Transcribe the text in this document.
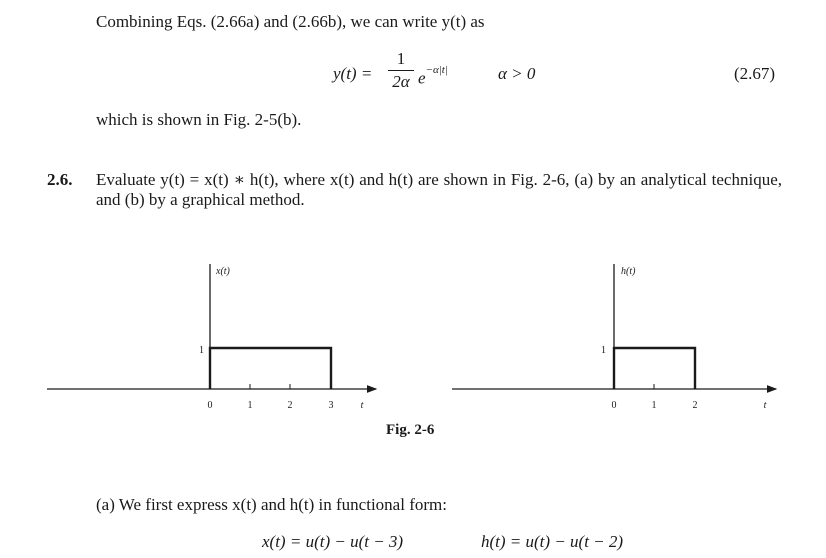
Combining Eqs. (2.66a) and (2.66b), we can write y(t) as
y(t) =
1
2α $e^{-\alpha|t|}$	α > 0	(2.67)
which is shown in Fig. 2-5(b).
2.6. Evaluate y(t) = x(t) ∗ h(t), where x(t) and h(t) are shown in Fig. 2-6, (a) by an analytical technique, and (b) by a graphical method.
x(t)
1
0	1	2	3	t
h(t)
1
0	1	2	t
Fig. 2-6
(a) We first express x(t) and h(t) in functional form:
x(t) = u(t) − u(t − 3)	h(t) = u(t) − u(t − 2)
